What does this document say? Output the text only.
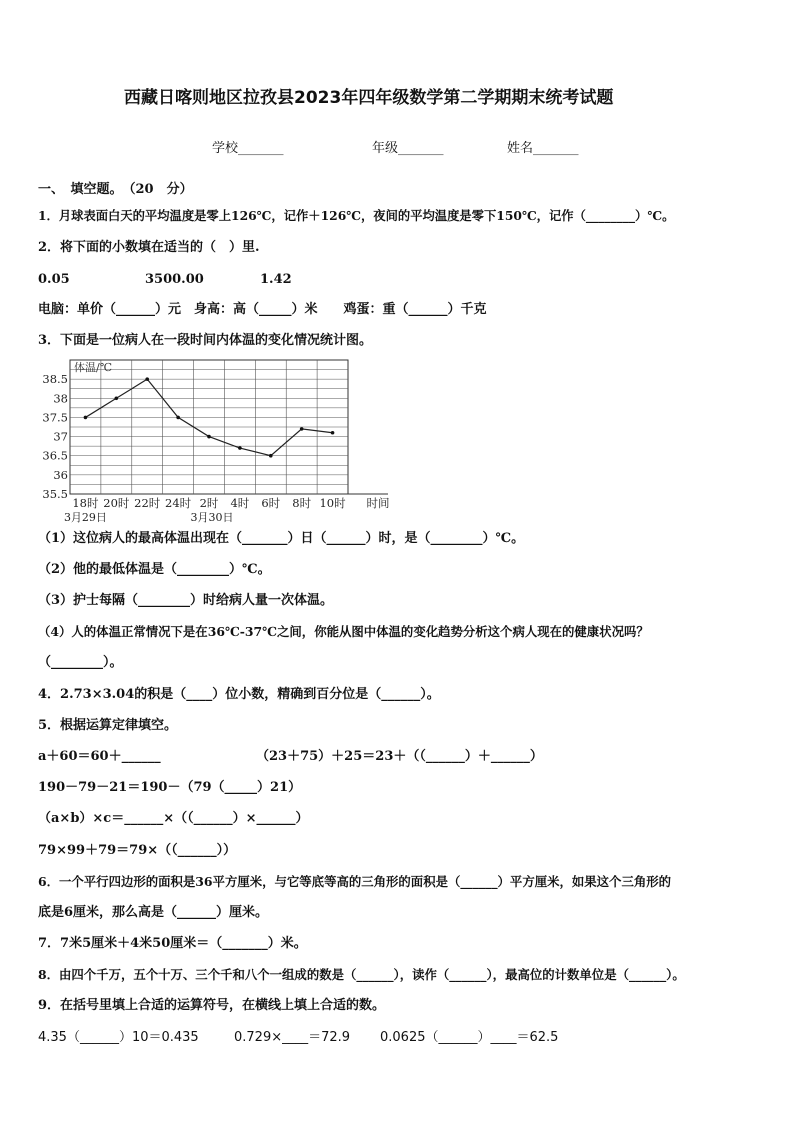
西藏日喀则地区拉孜县2023年四年级数学第二学期期末统考试题
学校_______	年级_______	姓名_______
一、　填空题。　（20　分）
1．月球表面白天的平均温度是零上126℃，记作＋126℃，夜间的平均温度是零下150℃，记作（________）℃。
2．将下面的小数填在适当的（　）里.
0.05	3500.00	1.42
电脑：单价（______）元　身高：高（_____）米　　鸡蛋：重（______）千克
3．下面是一位病人在一段时间内体温的变化情况统计图。
体温/℃
35.5
36
36.5
37
37.5
38
38.5
18时 20时 22时 24时 2时 4时 6时 8时 10时 时间
3月29日	3月30日
（1）这位病人的最高体温出现在（_______）日（______）时，是（________）℃。
（2）他的最低体温是（________）℃。
（3）护士每隔（________）时给病人量一次体温。
（4）人的体温正常情况下是在36℃-37℃之间，你能从图中体温的变化趋势分析这个病人现在的健康状况吗？
（________）。
4．2.73×3.04的积是（____）位小数，精确到百分位是（______）。
5．根据运算定律填空。
a＋60＝60＋______	（23＋75）＋25＝23＋（（______）＋______）
190－79－21＝190－（79（_____）21）
（a×b）×c＝______×（（______）×______）
79×99＋79＝79×（（______））
6．一个平行四边形的面积是36平方厘米，与它等底等高的三角形的面积是（______）平方厘米，如果这个三角形的
底是6厘米，那么高是（______）厘米。
7．7米5厘米＋4米50厘米＝（_______）米。
8．由四个千万，五个十万、三个千和八个一组成的数是（______），读作（______），最高位的计数单位是（______）。
9．在括号里填上合适的运算符号，在横线上填上合适的数。
4.35（______）10＝0.435	0.729×____＝72.9 0.0625（______）____＝62.5
